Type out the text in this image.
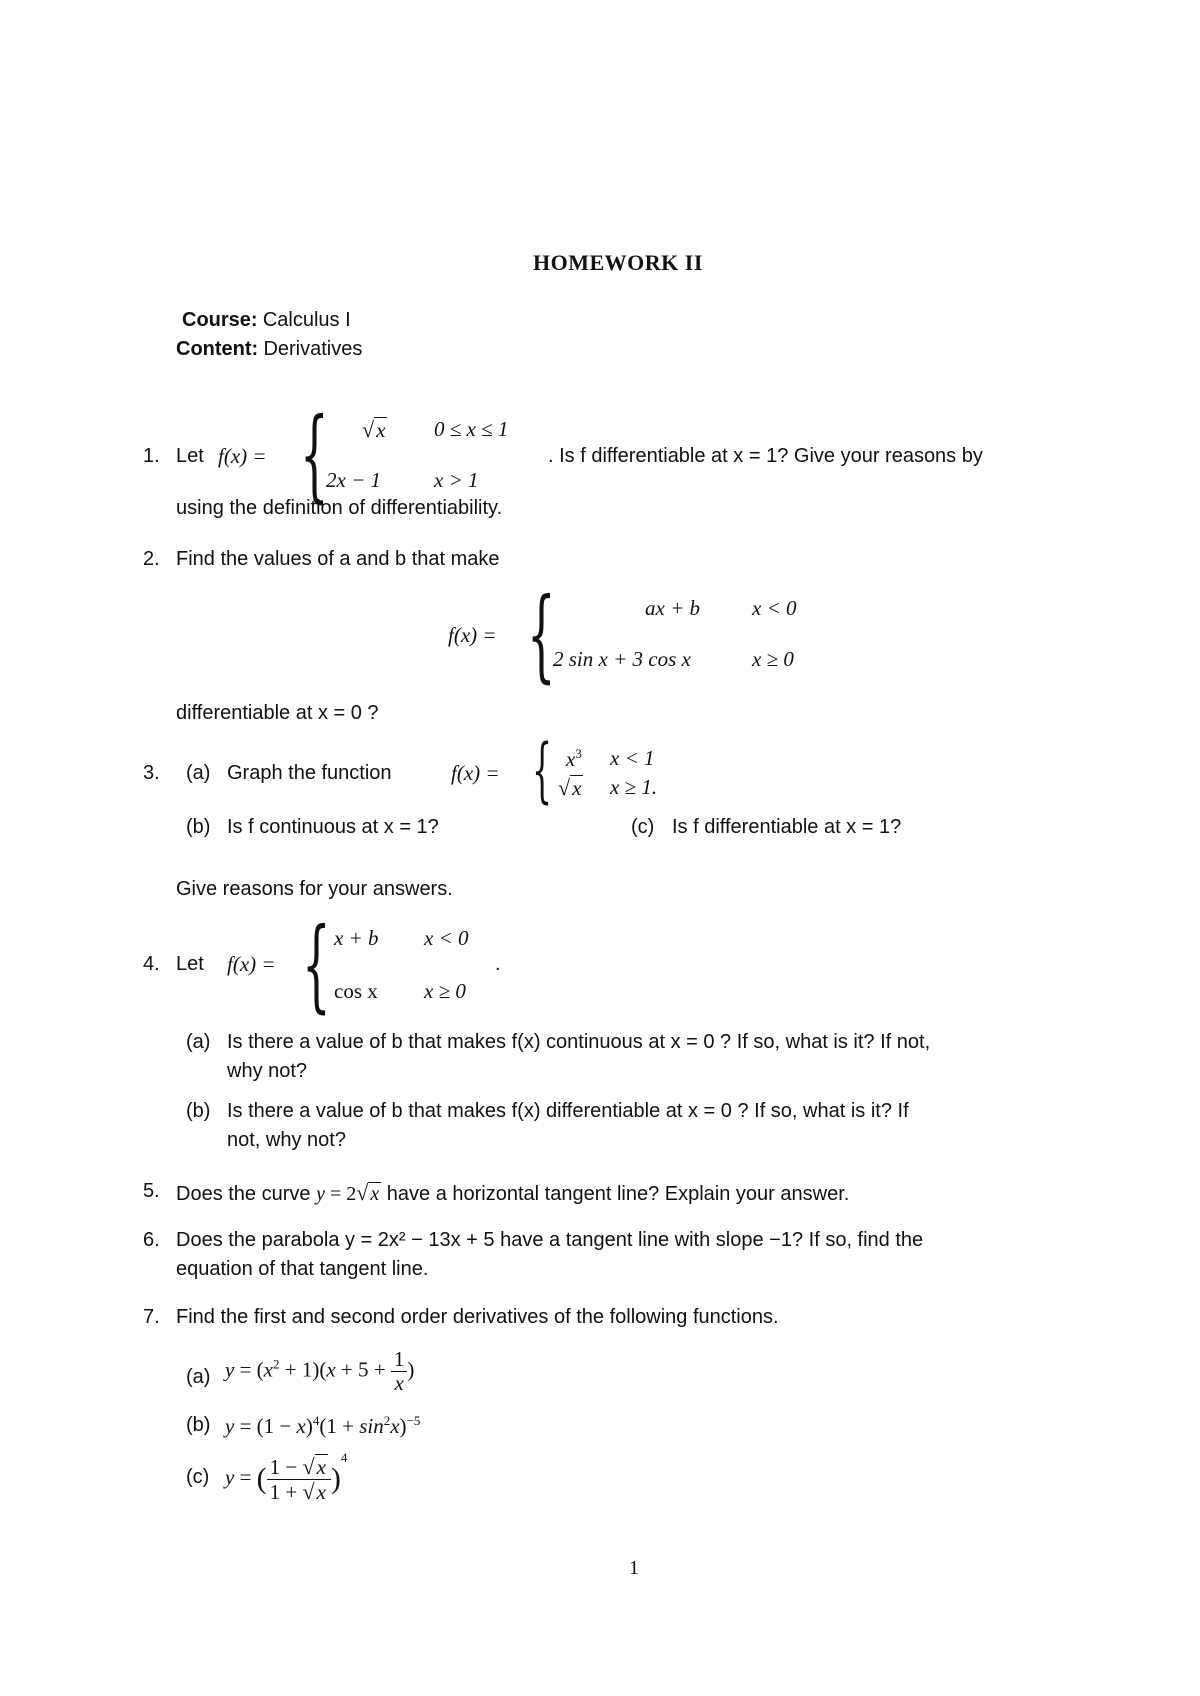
HOMEWORK II
Course: Calculus I
Content: Derivatives
1. Let f(x) = { √x 0 ≤ x ≤ 1
2x − 1	x > 1
. Is f differentiable at x = 1? Give your reasons by
using the definition of differentiability.
2. Find the values of a and b that make
f(x) = {	ax + b x < 0
2 sin x + 3 cos x	x ≥ 0
differentiable at x = 0 ?
3. (a) Graph the function	f(x) = { $x^3$ x < 1
√x x ≥ 1.
(b) Is f continuous at x = 1?	(c) Is f differentiable at x = 1?
Give reasons for your answers.
4. Let f(x) = { x + b x < 0
cos x x ≥ 0
.
(a) Is there a value of b that makes f(x) continuous at x = 0 ? If so, what is it? If not,
why not?
(b) Is there a value of b that makes f(x) differentiable at x = 0 ? If so, what is it? If
not, why not?
5. Does the curve y = 2√ x have a horizontal tangent line? Explain your answer.
6. Does the parabola y = 2x² − 13x + 5 have a tangent line with slope −1? If so, find the
equation of that tangent line.
7. Find the first and second order derivatives of the following functions.
(a) $y = (x^2 + 1)(x + 5 + \frac{1}{x}$ )
(b) $y = (1 - x)^4(1 + \sin^2x)^{-5}$
(c) y = ( $\frac{1 - √x}{1 + √x} )^4$
1
